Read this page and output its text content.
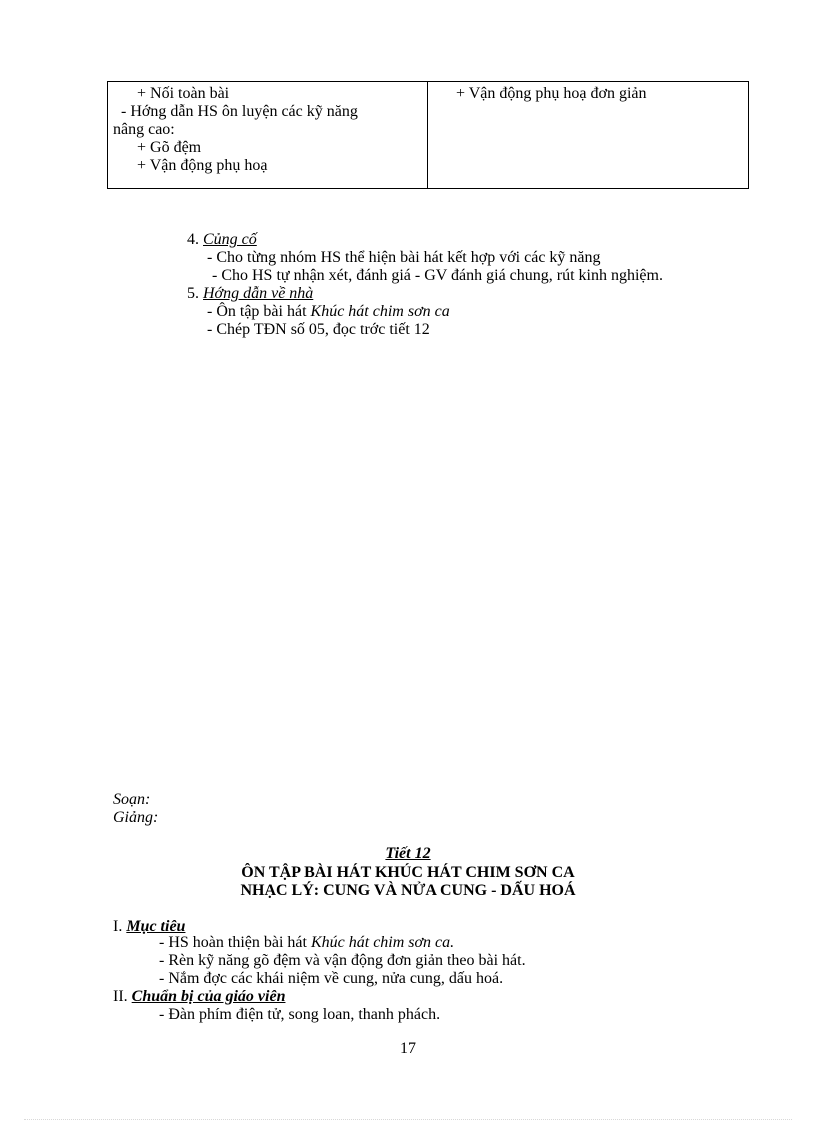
+ Nối toàn bài
- Hớng dẫn HS ôn luyện các kỹ năng
nâng cao:
+ Gõ đệm
+ Vận động phụ hoạ
+ Vận động phụ hoạ đơn giản
4. Củng cố
- Cho từng nhóm HS thể hiện bài hát kết hợp với các kỹ năng
- Cho HS tự nhận xét, đánh giá - GV đánh giá chung, rút kinh nghiệm.
5. Hớng dẫn về nhà
- Ôn tập bài hát Khúc hát chim sơn ca
- Chép TĐN số 05, đọc trớc tiết 12
Soạn:
Giảng:
Tiết 12
ÔN TẬP BÀI HÁT KHÚC HÁT CHIM SƠN CA
NHẠC LÝ: CUNG VÀ NỬA CUNG - DẤU HOÁ
I. Mục tiêu
- HS hoàn thiện bài hát Khúc hát chim sơn ca.
- Rèn kỹ năng gõ đệm và vận động đơn giản theo bài hát.
- Nắm đợc các khái niệm về cung, nửa cung, dấu hoá.
II. Chuẩn bị của giáo viên
- Đàn phím điện tử, song loan, thanh phách.
17
